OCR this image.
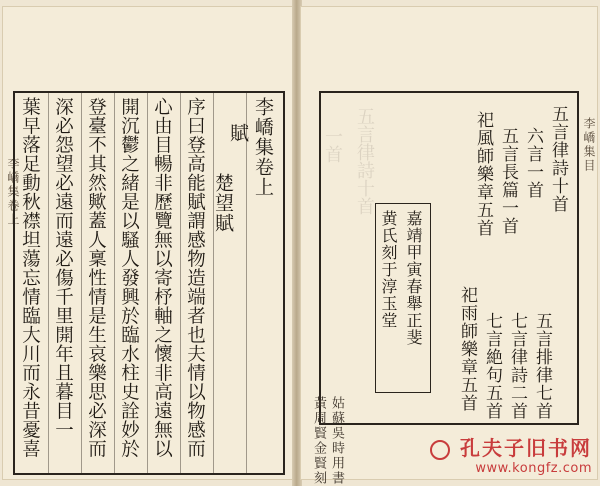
李嶠集卷上	李嶠集卷上
賦
楚望賦
序曰登高能賦謂感物造端者也夫情以物感而
心由目暢非歷覽無以寄杼軸之懷非高遠無以
開沉鬱之緒是以騷人發興於臨水柱史詮妙於
登臺不其然歟蓋人稟性情是生哀樂思必深而
深必怨望必遠而遠必傷千里開年且暮目一
葉早落足動秋襟坦蕩忘情臨大川而永昔憂喜	李嶠集目
五言律詩十首
一首	五言律詩十首
六言一首
五言長篇一首
祀風師樂章五首
嘉靖甲寅春舉正斐
黄氏刻于淳玉堂
五言排律七首
七言律詩二首
七言絶句五首
祀雨師樂章五首
姑蘇吳時用書
黃周賢金賢刻	孔夫子旧书网
www.kongfz.com
